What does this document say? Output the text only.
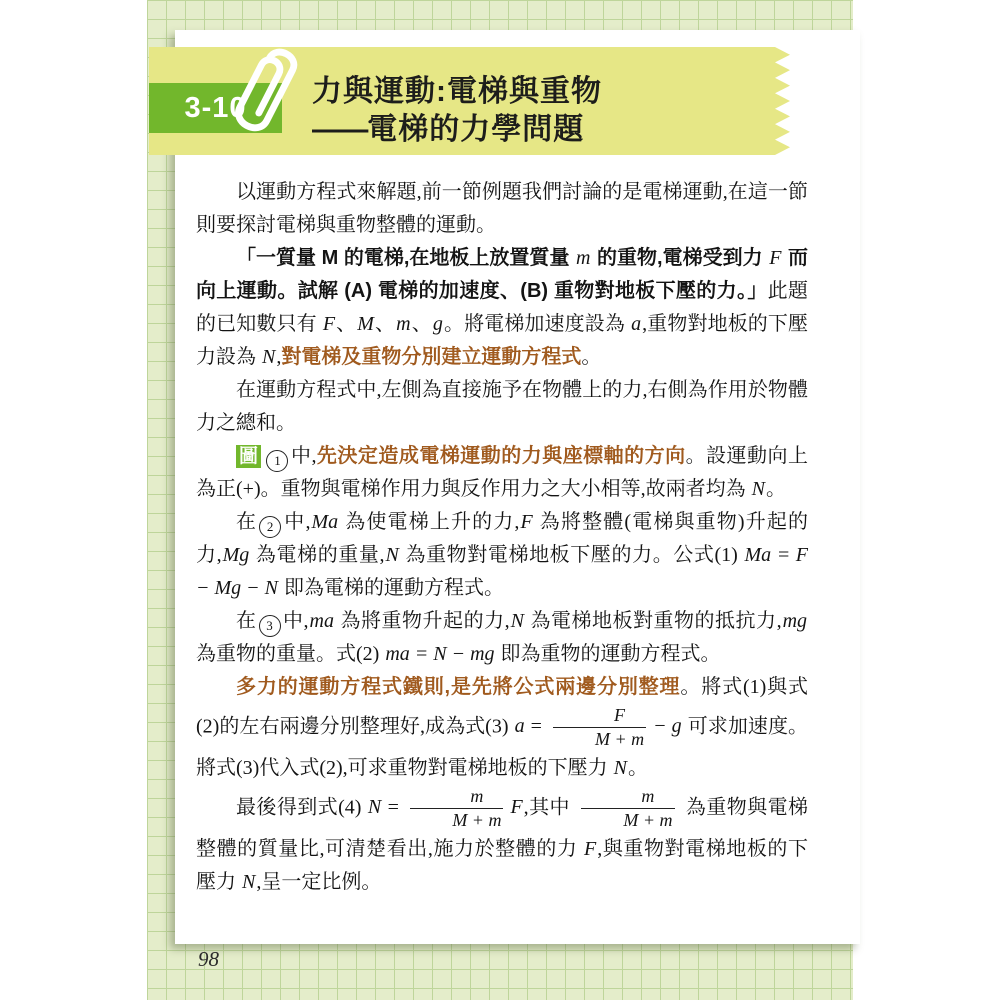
以運動方程式來解題,前一節例題我們討論的是電梯運動,在這一節則要探討電梯與重物整體的運動。

「一質量 M 的電梯,在地板上放置質量 m 的重物,電梯受到力 F 而向上運動。試解 (A) 電梯的加速度、(B) 重物對地板下壓的力。」此題的已知數只有 F、M、m、g。將電梯加速度設為 a,重物對地板的下壓力設為 N,對電梯及重物分別建立運動方程式。

在運動方程式中,左側為直接施予在物體上的力,右側為作用於物體力之總和。

圖 1 中,先決定造成電梯運動的力與座標軸的方向。設運動向上為正(+)。重物與電梯作用力與反作用力之大小相等,故兩者均為 N。

在 2 中,Ma 為使電梯上升的力,F 為將整體(電梯與重物)升起的力,Mg 為電梯的重量,N 為重物對電梯地板下壓的力。公式(1) Ma = F − Mg − N 即為電梯的運動方程式。

在 3 中,ma 為將重物升起的力,N 為電梯地板對重物的抵抗力,mg 為重物的重量。式(2) ma = N − mg 即為重物的運動方程式。

多力的運動方程式鐵則,是先將公式兩邊分別整理。將式(1)與式(2)的左右兩邊分別整理好,成為式(3) $a = \frac{F}{M + m} - g$ 可求加速度。將式(3)代入式(2),可求重物對電梯地板的下壓力 N。

最後得到式(4) $N = \frac{m}{M + m} F$,其中 $\frac{m}{M + m}$ 為重物與電梯整體的質量比,可清楚看出,施力於整體的力 F,與重物對電梯地板的下壓力 N,呈一定比例。

3-10 力與運動:電梯與重物
——電梯的力學問題
98
